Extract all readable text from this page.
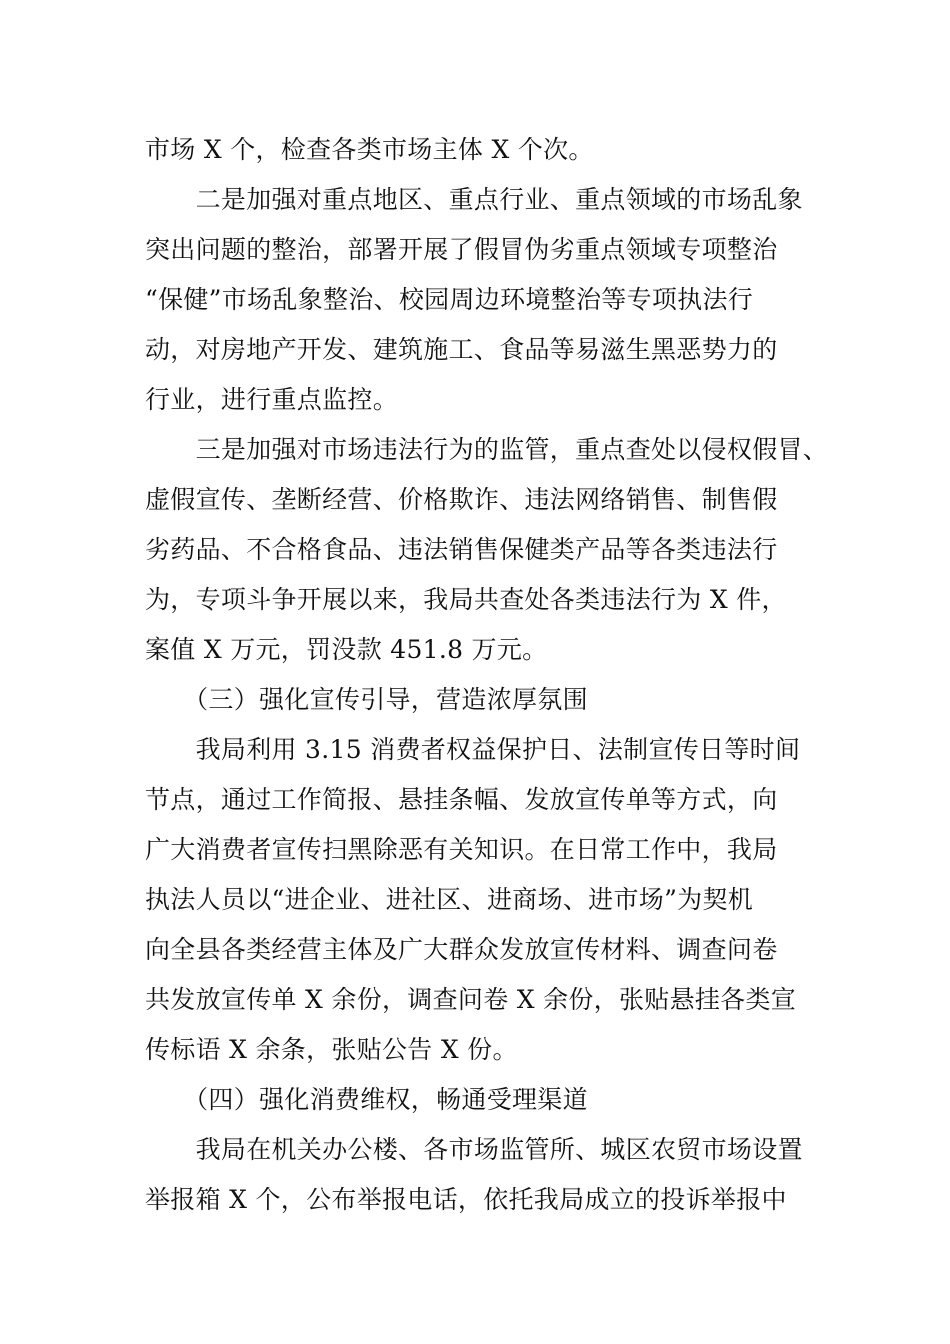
市场 X 个，检查各类市场主体 X 个次。
　　二是加强对重点地区、重点行业、重点领域的市场乱象
突出问题的整治，部署开展了假冒伪劣重点领域专项整治
“保健”市场乱象整治、校园周边环境整治等专项执法行
动，对房地产开发、建筑施工、食品等易滋生黑恶势力的
行业，进行重点监控。
　　三是加强对市场违法行为的监管，重点查处以侵权假冒、
虚假宣传、垄断经营、价格欺诈、违法网络销售、制售假
劣药品、不合格食品、违法销售保健类产品等各类违法行
为，专项斗争开展以来，我局共查处各类违法行为 X 件，
案值 X 万元，罚没款 451.8 万元。
　　（三）强化宣传引导，营造浓厚氛围
　　我局利用 3.15 消费者权益保护日、法制宣传日等时间
节点，通过工作简报、悬挂条幅、发放宣传单等方式，向
广大消费者宣传扫黑除恶有关知识。在日常工作中，我局
执法人员以“进企业、进社区、进商场、进市场”为契机
向全县各类经营主体及广大群众发放宣传材料、调查问卷
共发放宣传单 X 余份，调查问卷 X 余份，张贴悬挂各类宣
传标语 X 余条，张贴公告 X 份。
　　（四）强化消费维权，畅通受理渠道
　　我局在机关办公楼、各市场监管所、城区农贸市场设置
举报箱 X 个，公布举报电话，依托我局成立的投诉举报中
